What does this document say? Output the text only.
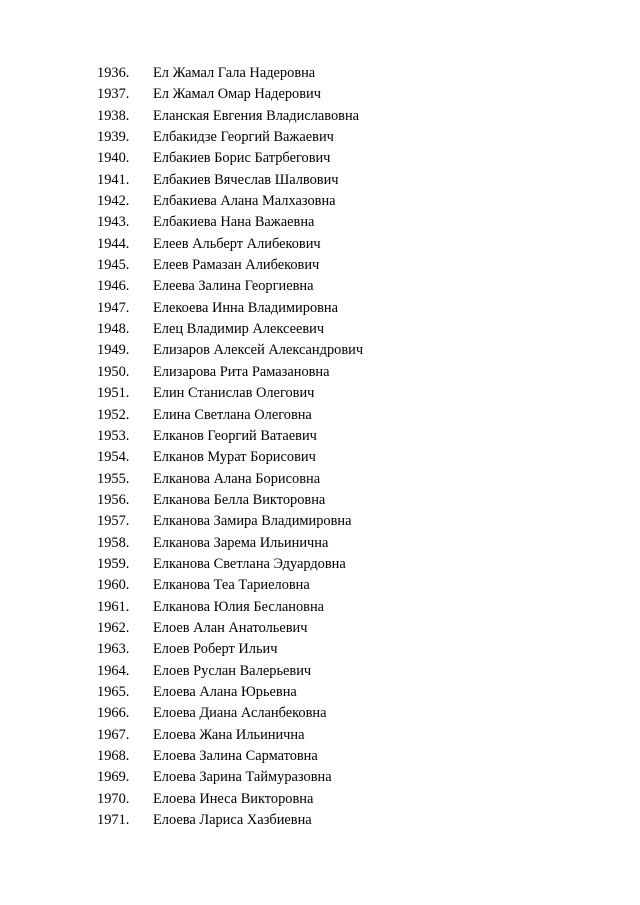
1936.	Ел Жамал Гала Надеровна
1937.	Ел Жамал Омар Надерович
1938.	Еланская Евгения Владиславовна
1939.	Елбакидзе Георгий Важаевич
1940.	Елбакиев Борис Батрбегович
1941.	Елбакиев Вячеслав Шалвович
1942.	Елбакиева Алана Малхазовна
1943.	Елбакиева Нана Важаевна
1944.	Елеев Альберт Алибекович
1945.	Елеев Рамазан Алибекович
1946.	Елеева Залина Георгиевна
1947.	Елекоева Инна Владимировна
1948.	Елец Владимир Алексеевич
1949.	Елизаров Алексей Александрович
1950.	Елизарова Рита Рамазановна
1951.	Елин Станислав Олегович
1952.	Елина Светлана Олеговна
1953.	Елканов Георгий Ватаевич
1954.	Елканов Мурат Борисович
1955.	Елканова Алана Борисовна
1956.	Елканова Белла Викторовна
1957.	Елканова Замира Владимировна
1958.	Елканова Зарема Ильинична
1959.	Елканова Светлана Эдуардовна
1960.	Елканова Теа Тариеловна
1961.	Елканова Юлия Беслановна
1962.	Елоев Алан Анатольевич
1963.	Елоев Роберт Ильич
1964.	Елоев Руслан Валерьевич
1965.	Елоева Алана Юрьевна
1966.	Елоева Диана Асланбековна
1967.	Елоева Жана Ильинична
1968.	Елоева Залина Сарматовна
1969.	Елоева Зарина Таймуразовна
1970.	Елоева Инеса Викторовна
1971.	Елоева Лариса Хазбиевна
